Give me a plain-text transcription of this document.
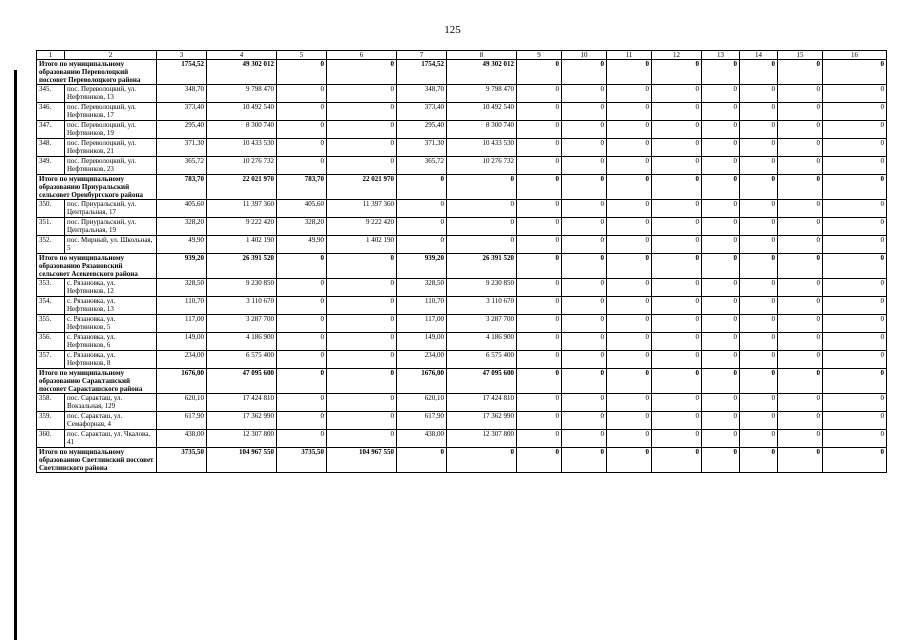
125
1	2	3	4	5	6	7	8	9	10	11	12	13	14	15	16
Итого по муниципальному образованию Переволоцкий поссовет Переволоцкого района		1754,52	49 302 012	0	0	1754,52	49 302 012	0	0	0	0	0	0	0	0
345.	пос. Переволоцкий, ул. Нефтяников, 13	348,70	9 798 470	0	0	348,70	9 798 470	0	0	0	0	0	0	0	0
346.	пос. Переволоцкий, ул. Нефтяников, 17	373,40	10 492 540	0	0	373,40	10 492 540	0	0	0	0	0	0	0	0
347.	пос. Переволоцкий, ул. Нефтяников, 19	295,40	8 300 740	0	0	295,40	8 300 740	0	0	0	0	0	0	0	0
348.	пос. Переволоцкий, ул. Нефтяников, 21	371,30	10 433 530	0	0	371,30	10 433 530	0	0	0	0	0	0	0	0
349.	пос. Переволоцкий, ул. Нефтяников, 23	365,72	10 276 732	0	0	365,72	10 276 732	0	0	0	0	0	0	0	0
Итого по муниципальному образованию Приуральский сельсовет Оренбургского района		783,70	22 021 970	783,70	22 021 970	0	0	0	0	0	0	0	0	0	0
350.	пос. Приуральский, ул. Центральная, 17	405,60	11 397 360	405,60	11 397 360	0	0	0	0	0	0	0	0	0	0
351.	пос. Приуральский, ул. Центральная, 19	328,20	9 222 420	328,20	9 222 420	0	0	0	0	0	0	0	0	0	0
352.	пос. Мирный, ул. Школьная, 5	49,90	1 402 190	49,90	1 402 190	0	0	0	0	0	0	0	0	0	0
Итого по муниципальному образованию Рязановский сельсовет Асекеевского района		939,20	26 391 520	0	0	939,20	26 391 520	0	0	0	0	0	0	0	0
353.	с. Рязановка, ул. Нефтяников, 12	328,50	9 230 850	0	0	328,50	9 230 850	0	0	0	0	0	0	0	0
354.	с. Рязановка, ул. Нефтяников, 13	110,70	3 110 670	0	0	110,70	3 110 670	0	0	0	0	0	0	0	0
355.	с. Рязановка, ул. Нефтяников, 5	117,00	3 287 700	0	0	117,00	3 287 700	0	0	0	0	0	0	0	0
356.	с. Рязановка, ул. Нефтяников, 6	149,00	4 186 900	0	0	149,00	4 186 900	0	0	0	0	0	0	0	0
357.	с. Рязановка, ул. Нефтяников, 8	234,00	6 575 400	0	0	234,00	6 575 400	0	0	0	0	0	0	0	0
Итого по муниципальному образованию Саракташский поссовет Саракташского района		1676,00	47 095 600	0	0	1676,00	47 095 600	0	0	0	0	0	0	0	0
358.	пос. Саракташ, ул. Вокзальная, 129	620,10	17 424 810	0	0	620,10	17 424 810	0	0	0	0	0	0	0	0
359.	пос. Саракташ, ул. Семафорная, 4	617,90	17 362 990	0	0	617,90	17 362 990	0	0	0	0	0	0	0	0
360.	пос. Саракташ, ул. Чкалова, 41	438,00	12 307 800	0	0	438,00	12 307 800	0	0	0	0	0	0	0	0
Итого по муниципальному образованию Светлинский поссовет Светлинского района		3735,50	104 967 550	3735,50	104 967 550	0	0	0	0	0	0	0	0	0	0
